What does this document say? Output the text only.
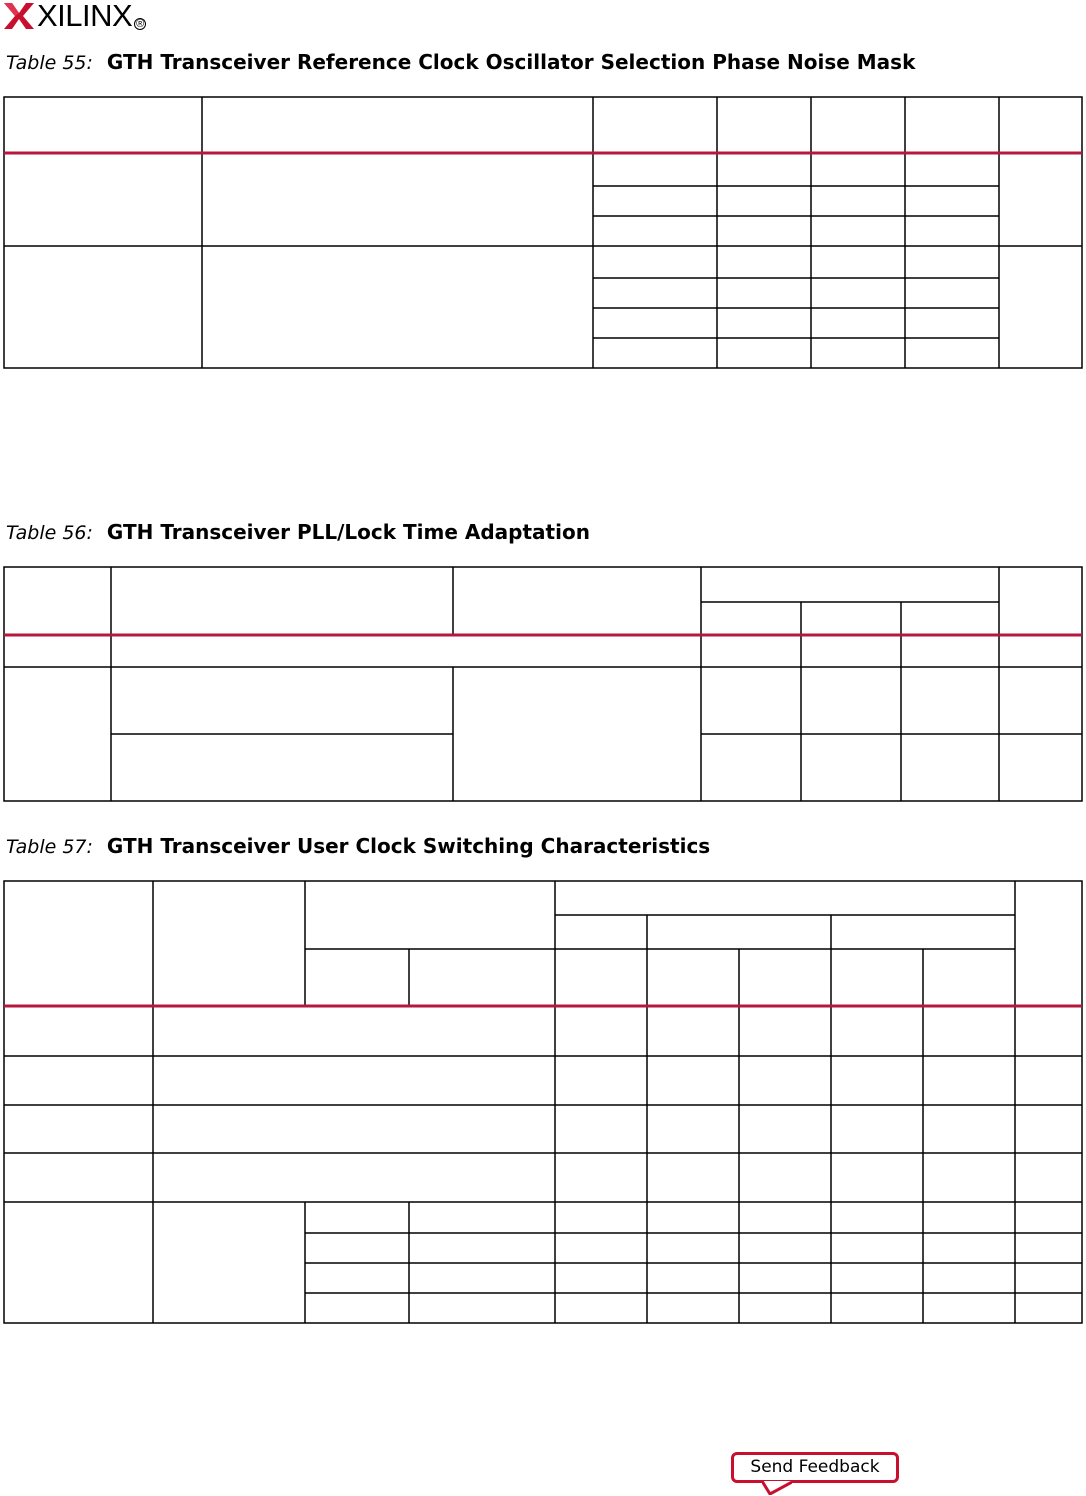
XILINX ®
Table 55: GTH Transceiver Reference Clock Oscillator Selection Phase Noise Mask
Table 56: GTH Transceiver PLL/Lock Time Adaptation
Table 57: GTH Transceiver User Clock Switching Characteristics
Send Feedback
